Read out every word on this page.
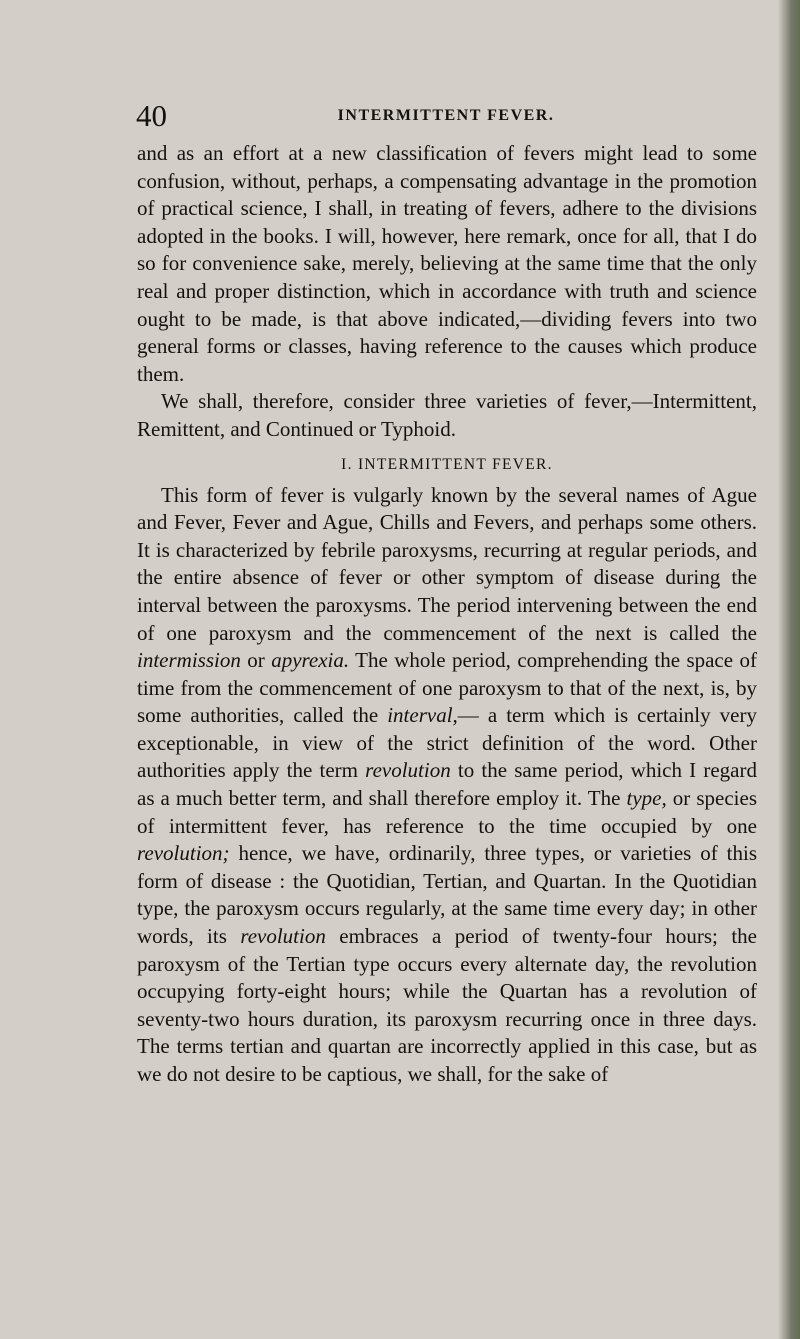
40	INTERMITTENT FEVER.

and as an effort at a new classification of fevers might lead to some confusion, without, perhaps, a compensating advantage in the promotion of practical science, I shall, in treating of fevers, adhere to the divisions adopted in the books. I will, however, here remark, once for all, that I do so for convenience sake, merely, believing at the same time that the only real and proper distinction, which in accordance with truth and science ought to be made, is that above indicated,—dividing fevers into two general forms or classes, having reference to the causes which produce them.

We shall, therefore, consider three varieties of fever,—Intermittent, Remittent, and Continued or Typhoid.

I. INTERMITTENT FEVER.

This form of fever is vulgarly known by the several names of Ague and Fever, Fever and Ague, Chills and Fevers, and perhaps some others. It is characterized by febrile paroxysms, recurring at regular periods, and the entire absence of fever or other symptom of disease during the interval between the paroxysms. The period intervening between the end of one paroxysm and the commencement of the next is called the intermission or apyrexia. The whole period, comprehending the space of time from the commencement of one paroxysm to that of the next, is, by some authorities, called the interval,— a term which is certainly very exceptionable, in view of the strict definition of the word. Other authorities apply the term revolution to the same period, which I regard as a much better term, and shall therefore employ it. The type, or species of intermittent fever, has reference to the time occupied by one revolution; hence, we have, ordinarily, three types, or varieties of this form of disease : the Quotidian, Tertian, and Quartan. In the Quotidian type, the paroxysm occurs regularly, at the same time every day; in other words, its revolution embraces a period of twenty-four hours; the paroxysm of the Tertian type occurs every alternate day, the revolution occupying forty-eight hours; while the Quartan has a revolution of seventy-two hours duration, its paroxysm recurring once in three days. The terms tertian and quartan are incorrectly applied in this case, but as we do not desire to be captious, we shall, for the sake of
